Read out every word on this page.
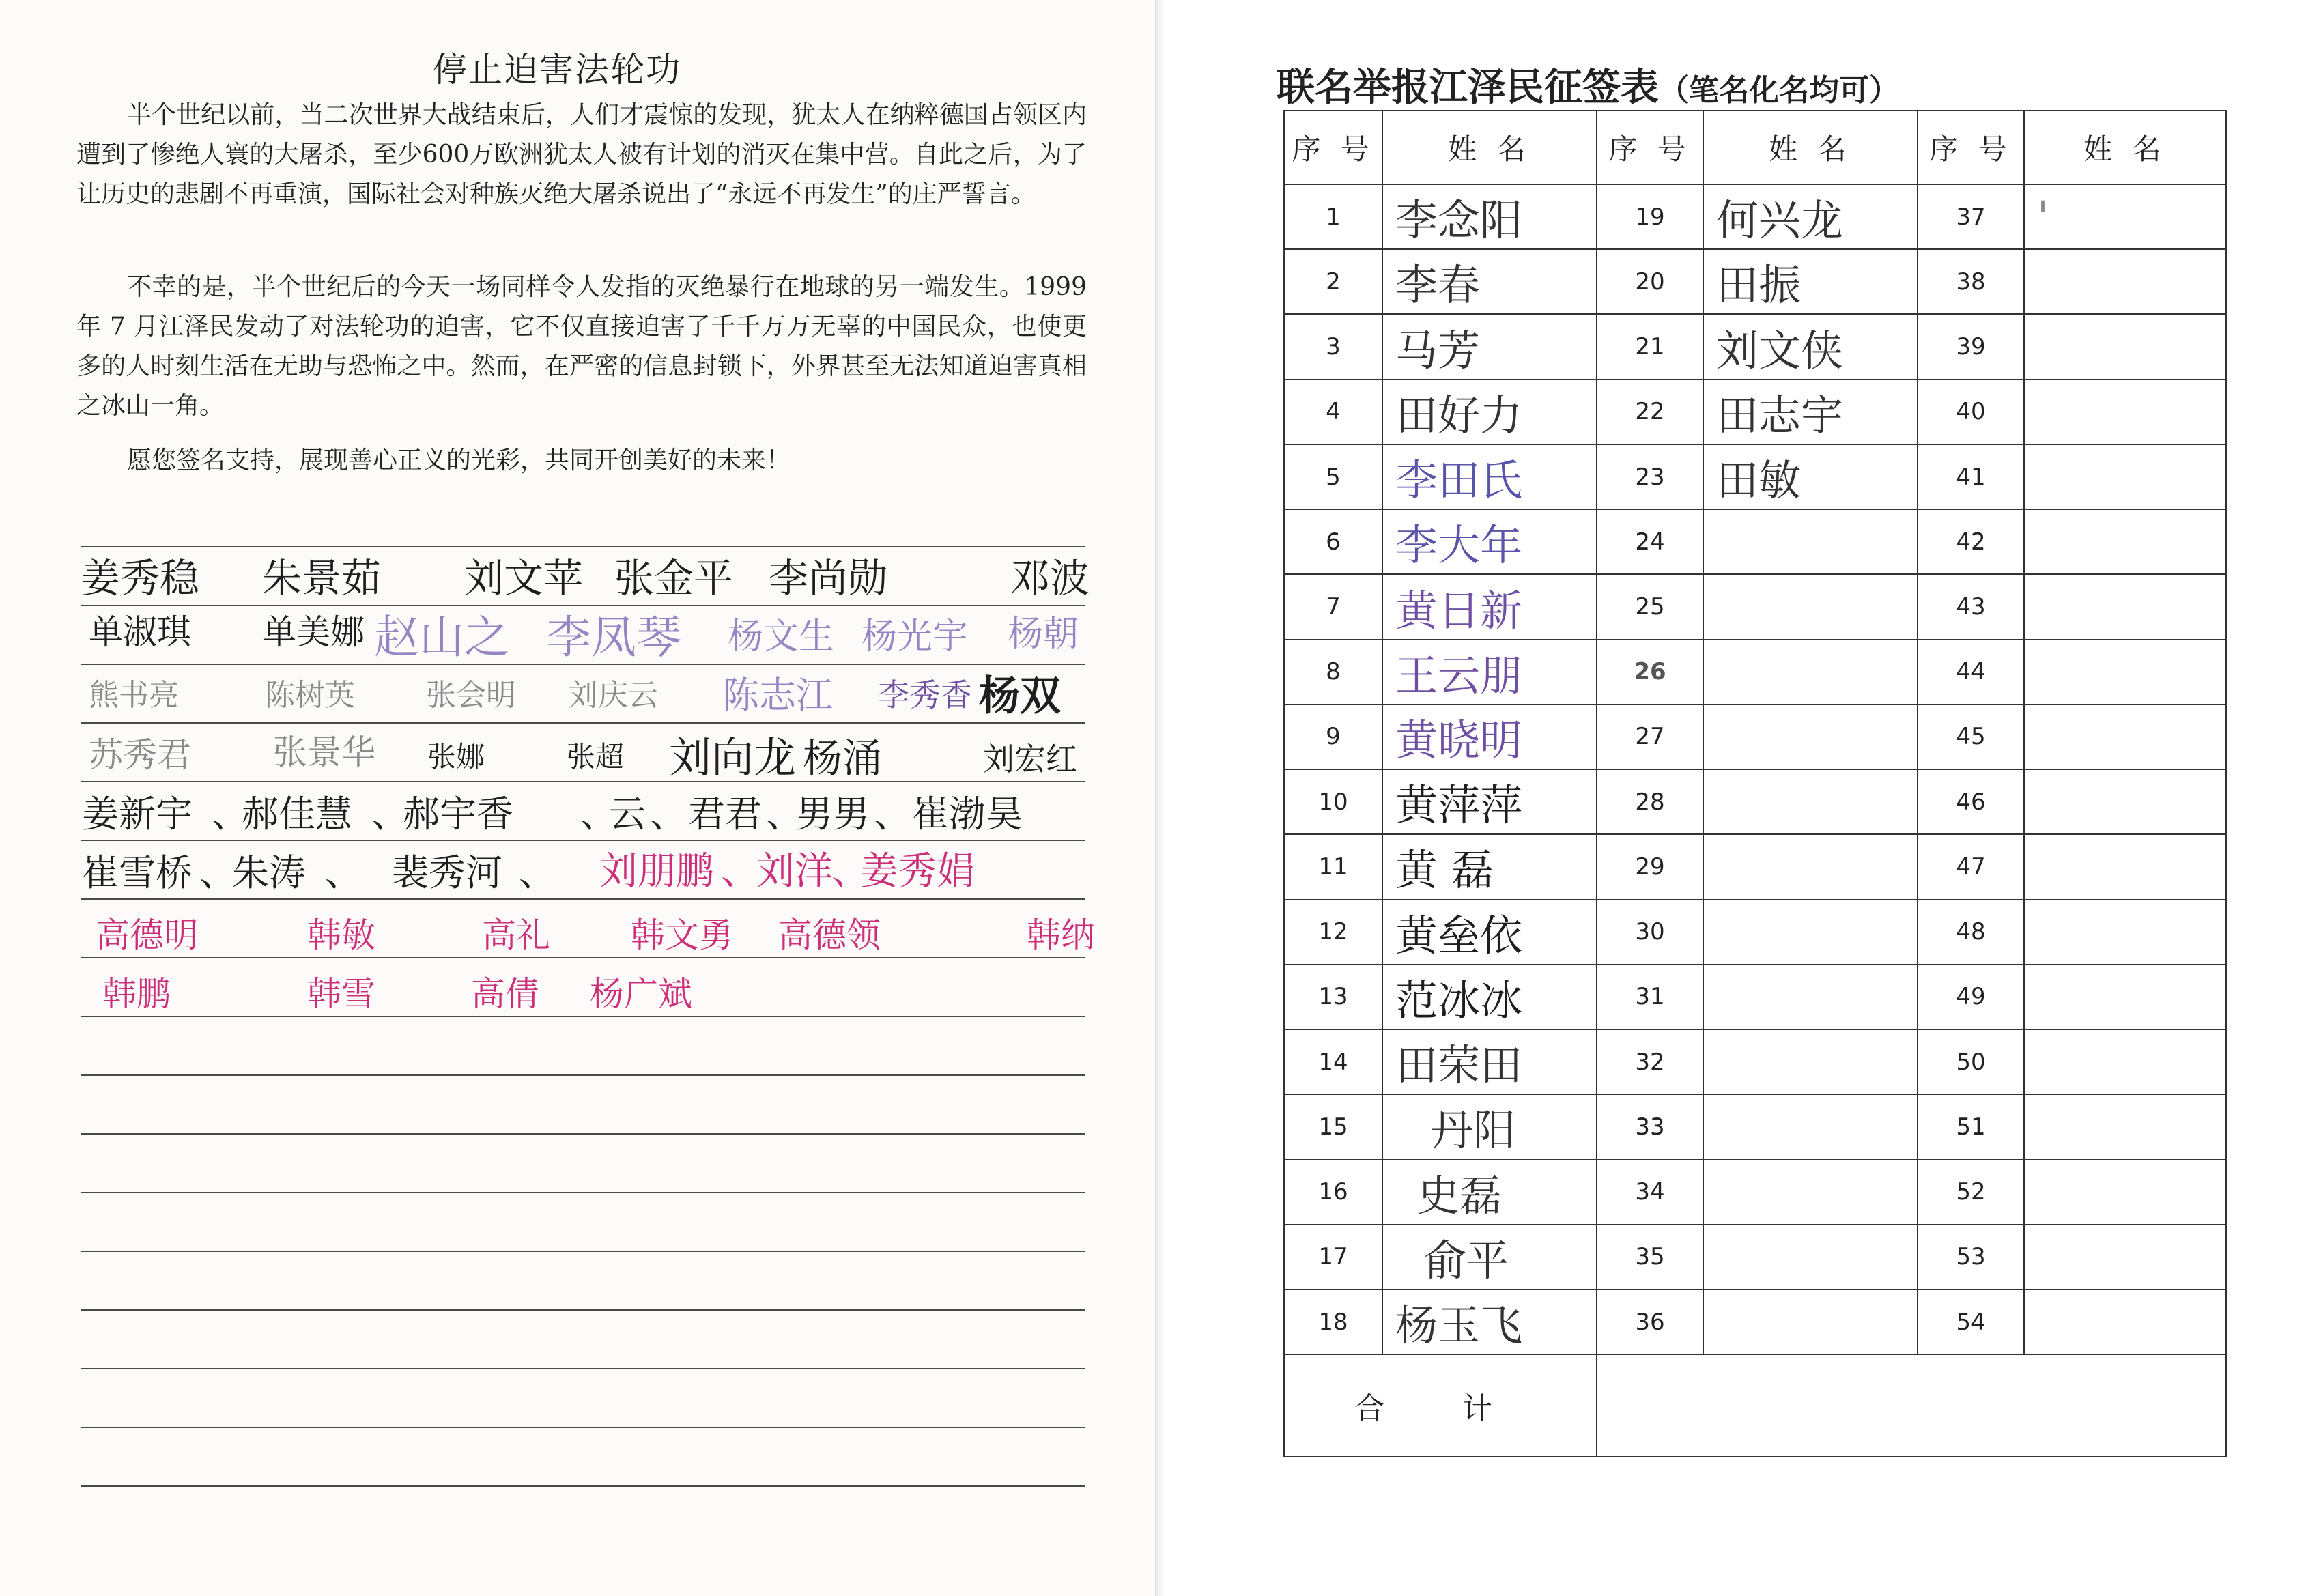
停止迫害法轮功
半个世纪以前，当二次世界大战结束后，人们才震惊的发现，犹太人在纳粹德国占领区内遭到了惨绝人寰的大屠杀，至少600万欧洲犹太人被有计划的消灭在集中营。自此之后，为了让历史的悲剧不再重演，国际社会对种族灭绝大屠杀说出了“永远不再发生”的庄严誓言。
不幸的是，半个世纪后的今天一场同样令人发指的灭绝暴行在地球的另一端发生。1999 年 7 月江泽民发动了对法轮功的迫害，它不仅直接迫害了千千万万无辜的中国民众，也使更多的人时刻生活在无助与恐怖之中。然而，在严密的信息封锁下，外界甚至无法知道迫害真相之冰山一角。
愿您签名支持，展现善心正义的光彩，共同开创美好的未来！
姜秀稳 朱景茹 刘文苹 张金平 李尚勋	邓波
单淑琪 单美娜 赵山之 李凤琴 杨文生 杨光宇 杨朝
熊书亮	陈树英 张会明 刘庆云 陈志江 李秀香 杨双
苏秀君 张景华 张娜	张超 刘向龙 杨涌	刘宏红
姜新宇 、
郝佳慧 、
郝宇香 、
云 、 君君 、
男男 、 崔渤昊
崔雪桥 、
朱涛 、 裴秀河 、 刘朋鹏 、
刘洋
、
姜秀娟
高德明	韩敏	高礼 韩文勇 高德领	韩纳
韩鹏	韩雪	高倩 杨广斌
联名举报江泽民征签表（笔名化名均可）
序 号	姓 名	序 号	姓 名	序 号	姓 名
1	李念阳	19	何兴龙	37	'

2	李春	20	田振	38	

3	马芳	21	刘文侠	39	

4	田好力	22	田志宇	40	

5	李田氏	23	田敏	41	

6	李大年	24		42	

7	黄日新	25		43	

8	王云朋	26		44	

9	黄晓明	27		45	

10	黄萍萍	28		46	

11	黄 磊	29		47	

12	黄垒依	30		48	

13	范冰冰	31		49	

14	田荣田	32		50	

15	丹阳	33		51	

16	史磊	34		52	

17	俞平	35		53	

18	杨玉飞	36		54	

合 计					
